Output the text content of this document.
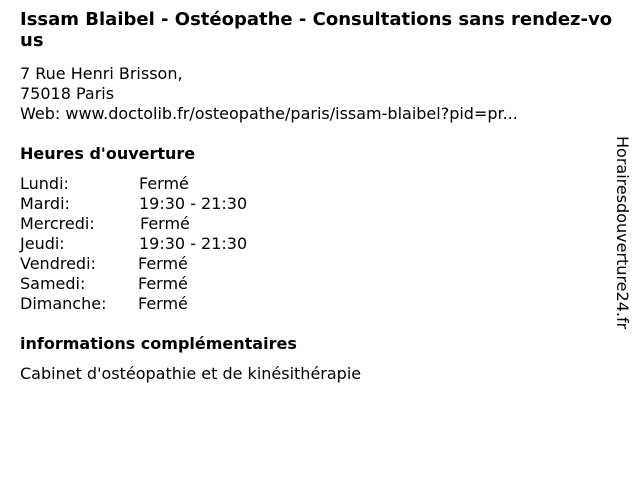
Issam Blaibel - Ostéopathe - Consultations sans rendez-vous
7 Rue Henri Brisson,
75018 Paris
Web: www.doctolib.fr/osteopathe/paris/issam-blaibel?pid=pr...
Heures d'ouverture
Lundi:	Fermé
Mardi:	19:30 - 21:30
Mercredi:	Fermé
Jeudi:	19:30 - 21:30
Vendredi:	Fermé
Samedi:	Fermé
Dimanche: Fermé
informations complémentaires
Cabinet d'ostéopathie et de kinésithérapie
Horairesdouverture24.fr
